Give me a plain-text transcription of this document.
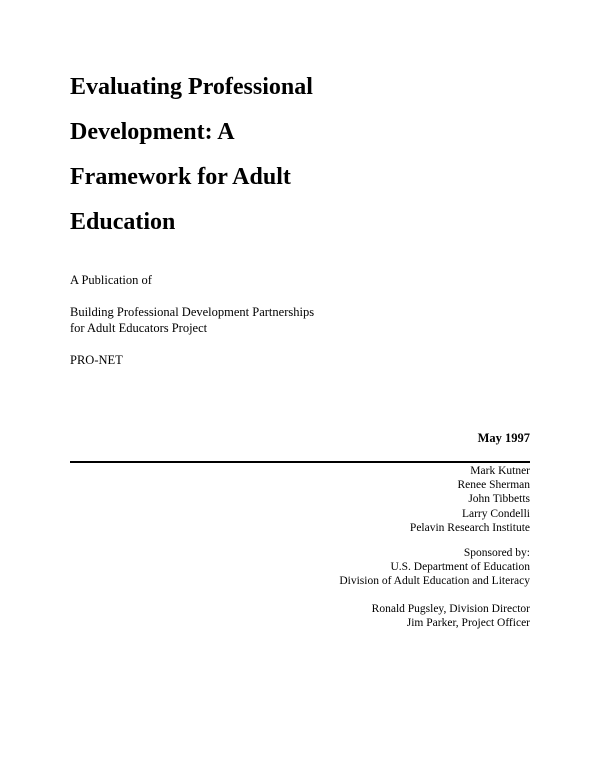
Evaluating Professional
Development: A
Framework for Adult
Education

A Publication of

Building Professional Development Partnerships

for Adult Educators Project

PRO-NET

May 1997

Mark Kutner
Renee Sherman
John Tibbetts
Larry Condelli
Pelavin Research Institute
Sponsored by:
U.S. Department of Education
Division of Adult Education and Literacy
Ronald Pugsley, Division Director
Jim Parker, Project Officer
